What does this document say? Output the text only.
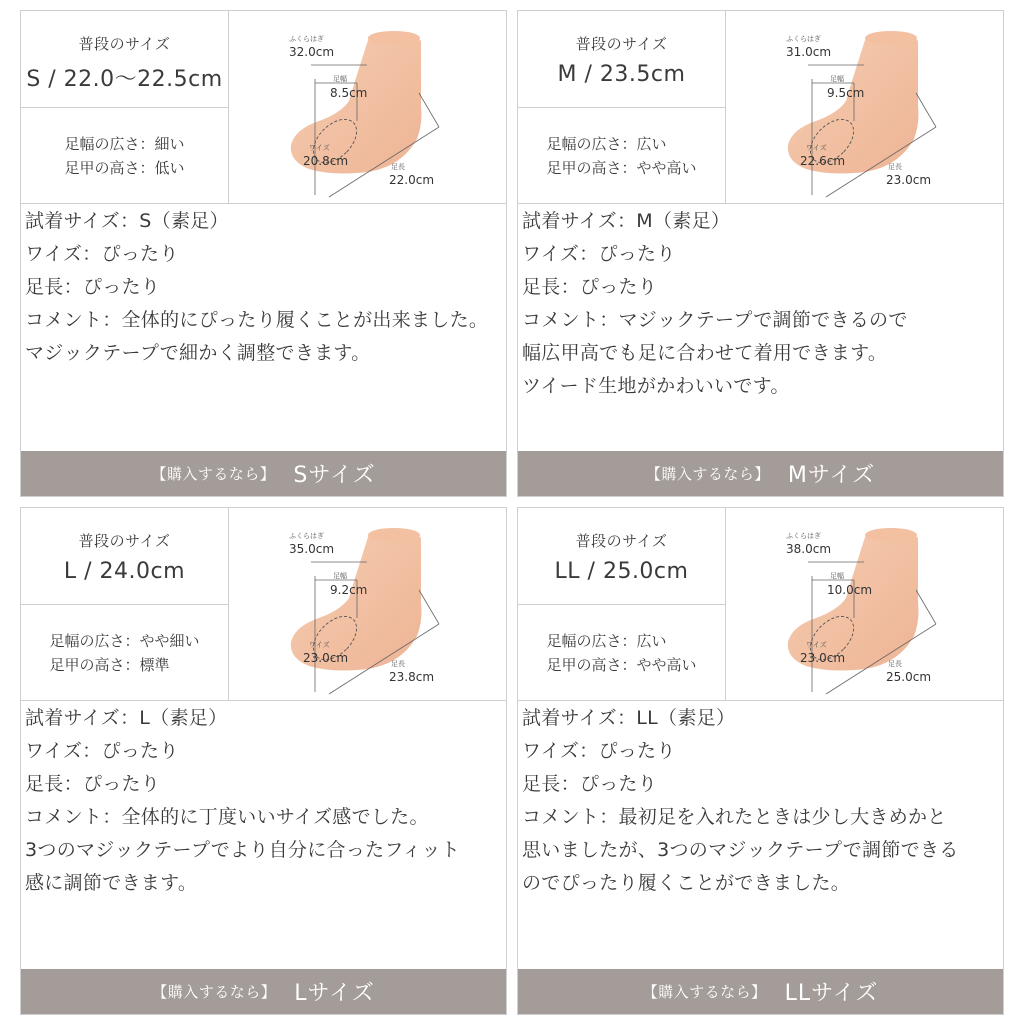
普段のサイズ
S / 22.0〜22.5cm
足幅の広さ：細い
足甲の高さ：低い
ふくらはぎ
32.0cm
足幅
8.5cm
ワイズ
20.8cm	足長
22.0cm
試着サイズ：S（素足）
ワイズ：ぴったり
足長：ぴったり
コメント：全体的にぴったり履くことが出来ました。
マジックテープで細かく調整できます。
【購入するなら】 Sサイズ
普段のサイズ
M / 23.5cm
足幅の広さ：広い
足甲の高さ：やや高い
ふくらはぎ
31.0cm
足幅
9.5cm
ワイズ
22.6cm	足長
23.0cm
試着サイズ：M（素足）
ワイズ：ぴったり
足長：ぴったり
コメント：マジックテープで調節できるので
幅広甲高でも足に合わせて着用できます。
ツイード生地がかわいいです。
【購入するなら】 Mサイズ
普段のサイズ
L / 24.0cm
足幅の広さ：やや細い
足甲の高さ：標準
ふくらはぎ
35.0cm
足幅
9.2cm
ワイズ
23.0cm	足長
23.8cm
試着サイズ：L（素足）
ワイズ：ぴったり
足長：ぴったり
コメント：全体的に丁度いいサイズ感でした。
3つのマジックテープでより自分に合ったフィット
感に調節できます。
【購入するなら】 Lサイズ
普段のサイズ
LL / 25.0cm
足幅の広さ：広い
足甲の高さ：やや高い
ふくらはぎ
38.0cm
足幅
10.0cm
ワイズ
23.0cm	足長
25.0cm
試着サイズ：LL（素足）
ワイズ：ぴったり
足長：ぴったり
コメント：最初足を入れたときは少し大きめかと
思いましたが、3つのマジックテープで調節できる
のでぴったり履くことができました。
【購入するなら】 LLサイズ
